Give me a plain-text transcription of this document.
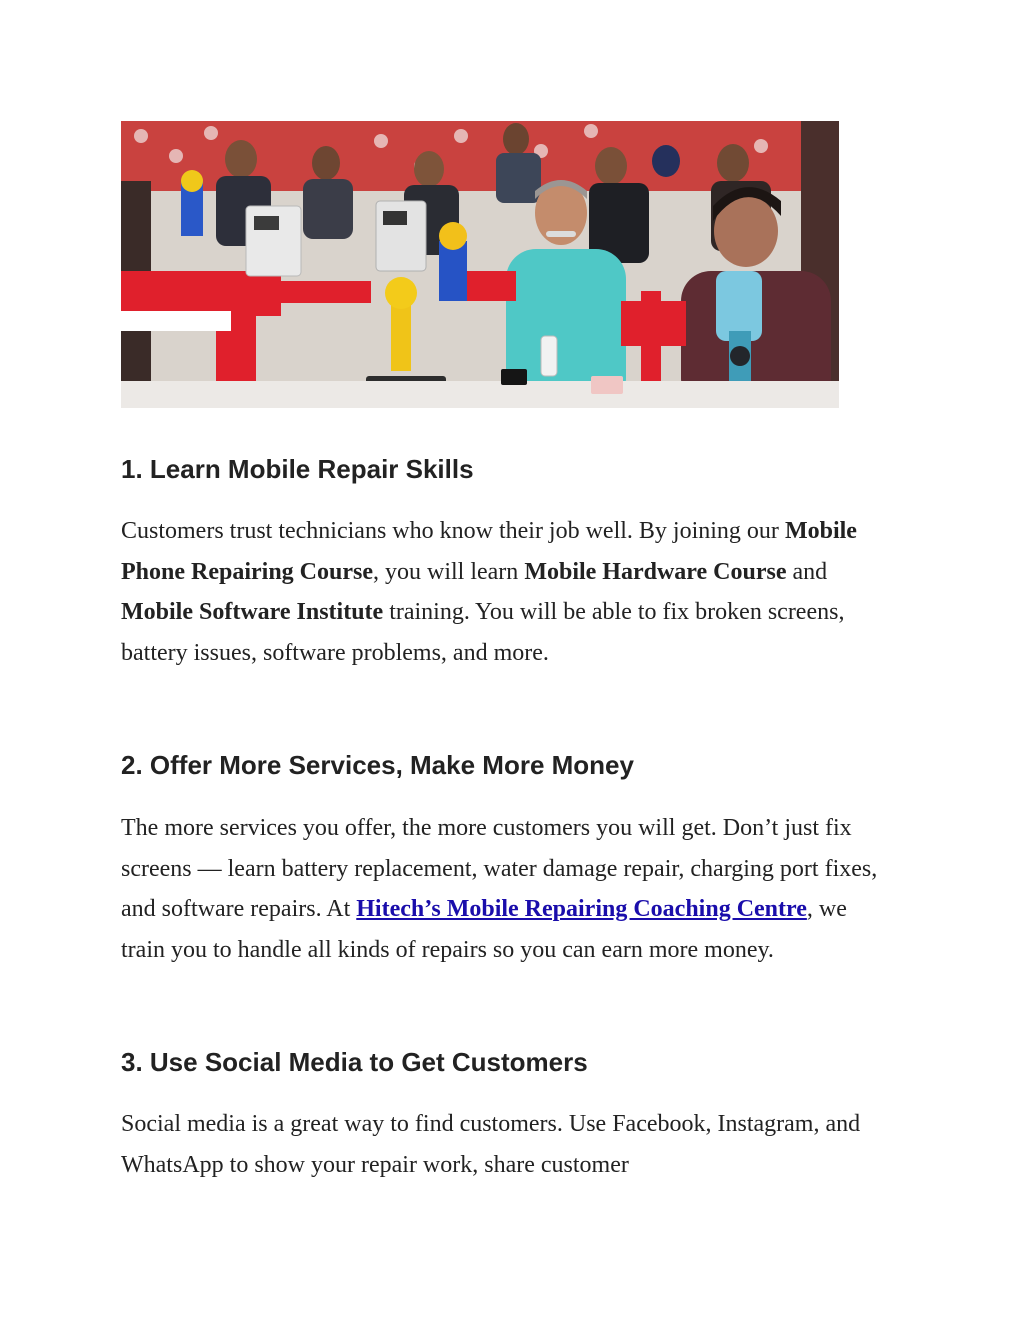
1. Learn Mobile Repair Skills

Customers trust technicians who know their job well. By joining our Mobile Phone Repairing Course, you will learn Mobile Hardware Course and Mobile Software Institute training. You will be able to fix broken screens, battery issues, software problems, and more.

2. Offer More Services, Make More Money

The more services you offer, the more customers you will get. Don’t just fix screens — learn battery replacement, water damage repair, charging port fixes, and software repairs. At Hitech’s Mobile Repairing Coaching Centre, we train you to handle all kinds of repairs so you can earn more money.

3. Use Social Media to Get Customers

Social media is a great way to find customers. Use Facebook, Instagram, and WhatsApp to show your repair work, share customer
